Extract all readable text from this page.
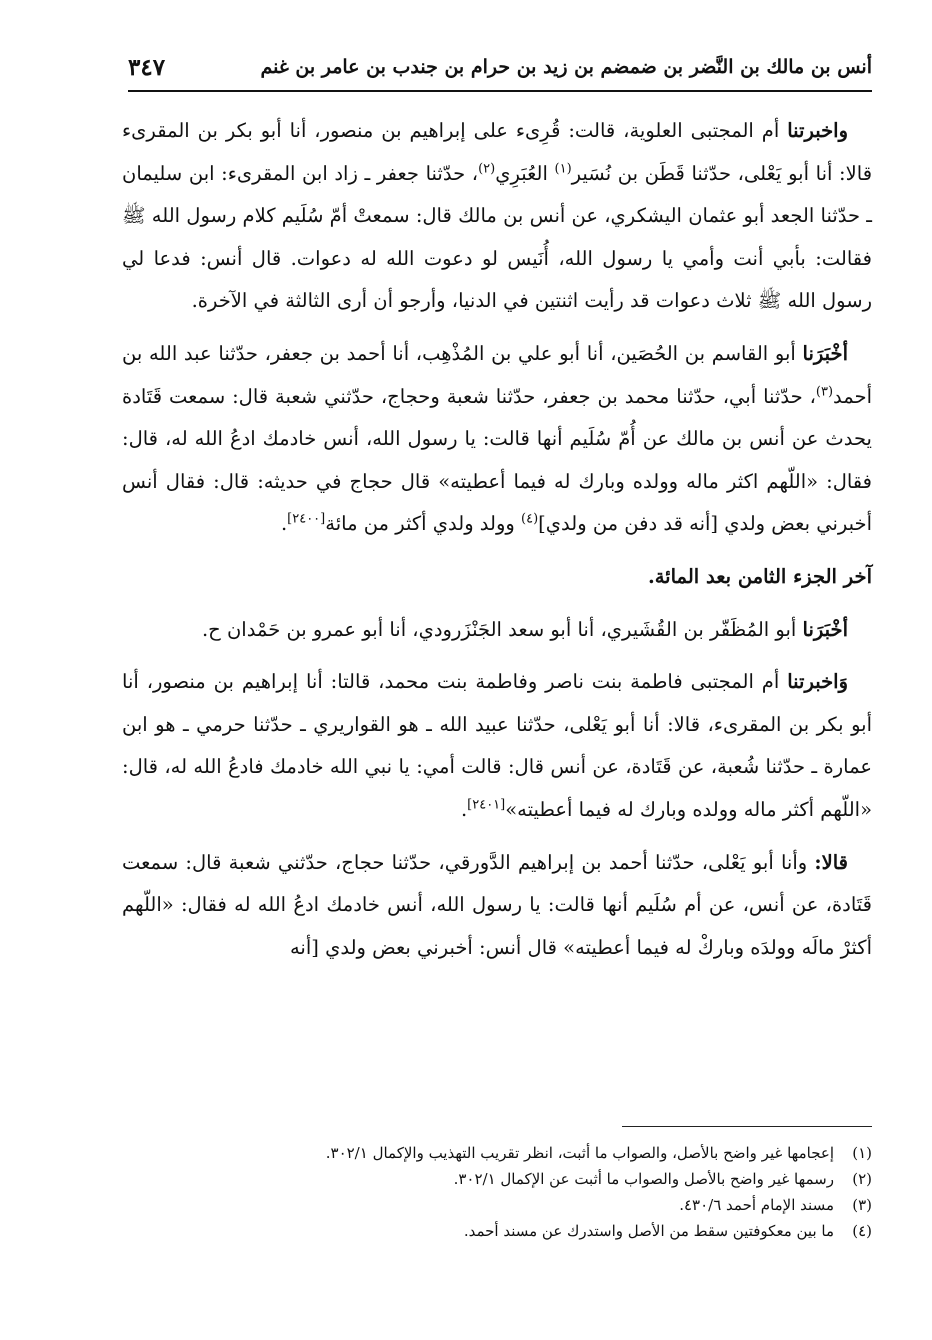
أنس بن مالك بن النَّضر بن ضمضم بن زيد بن حرام بن جندب بن عامر بن غنم
٣٤٧

واخبرتنا أم المجتبى العلوية، قالت: قُرِىء على إبراهيم بن منصور، أنا أبو بكر بن المقرىء قالا: أنا أبو يَعْلى، حدّثنا قَطَن بن نُسَير$^{(١)}$ العُبَرِي$^{(٢)}$، حدّثنا جعفر ـ زاد ابن المقرىء: ابن سليمان ـ حدّثنا الجعد أبو عثمان اليشكري، عن أنس بن مالك قال: سمعتْ أمّ سُلَيم كلام رسول الله ﷺ فقالت: بأبي أنت وأمي يا رسول الله، أُنَيس لو دعوت الله له دعوات. قال أنس: فدعا لي رسول الله ﷺ ثلاث دعوات قد رأيت اثنتين في الدنيا، وأرجو أن أرى الثالثة في الآخرة.

أخْبَرَنا أبو القاسم بن الحُصَين، أنا أبو علي بن المُذْهِب، أنا أحمد بن جعفر، حدّثنا عبد الله بن أحمد$^{(٣)}$، حدّثنا أبي، حدّثنا محمد بن جعفر، حدّثنا شعبة وحجاج، حدّثني شعبة قال: سمعت قَتَادة يحدث عن أنس بن مالك عن أُمّ سُلَيم أنها قالت: يا رسول الله، أنس خادمك ادعُ الله له، قال: فقال: «اللّهم اكثر ماله وولده وبارك له فيما أعطيته» قال حجاج في حديثه: قال: فقال أنس أخبرني بعض ولدي [أنه قد دفن من ولدي]$^{(٤)}$ وولد ولدي أكثر من مائة[٢٤٠٠].

آخر الجزء الثامن بعد المائة.

أخْبَرَنا أبو المُظَفّر بن القُشَيري، أنا أبو سعد الجَنْزَرودي، أنا أبو عمرو بن حَمْدان ح.

وَاخبرتنا أم المجتبى فاطمة بنت ناصر وفاطمة بنت محمد، قالتا: أنا إبراهيم بن منصور، أنا أبو بكر بن المقرىء، قالا: أنا أبو يَعْلى، حدّثنا عبيد الله ـ هو القواريري ـ حدّثنا حرمي ـ هو ابن عمارة ـ حدّثنا شُعبة، عن قَتَادة، عن أنس قال: قالت أمي: يا نبي الله خادمك فادعُ الله له، قال: «اللّهم أكثر ماله وولده وبارك له فيما أعطيته»[٢٤٠١].

قالا: وأنا أبو يَعْلى، حدّثنا أحمد بن إبراهيم الدَّورقي، حدّثنا حجاج، حدّثني شعبة قال: سمعت قَتَادة، عن أنس، عن أم سُلَيم أنها قالت: يا رسول الله، أنس خادمك ادعُ الله له فقال: «اللّهم أكثرْ مالَه وولدَه وباركْ له فيما أعطيته» قال أنس: أخبرني بعض ولدي [أنه

(١)
إعجامها غير واضح بالأصل، والصواب ما أثبت، انظر تقريب التهذيب والإكمال ٣٠٢/١.
(٢)
رسمها غير واضح بالأصل والصواب ما أثبت عن الإكمال ٣٠٢/١.
(٣)
مسند الإمام أحمد ٤٣٠/٦.
(٤)
ما بين معكوفتين سقط من الأصل واستدرك عن مسند أحمد.
